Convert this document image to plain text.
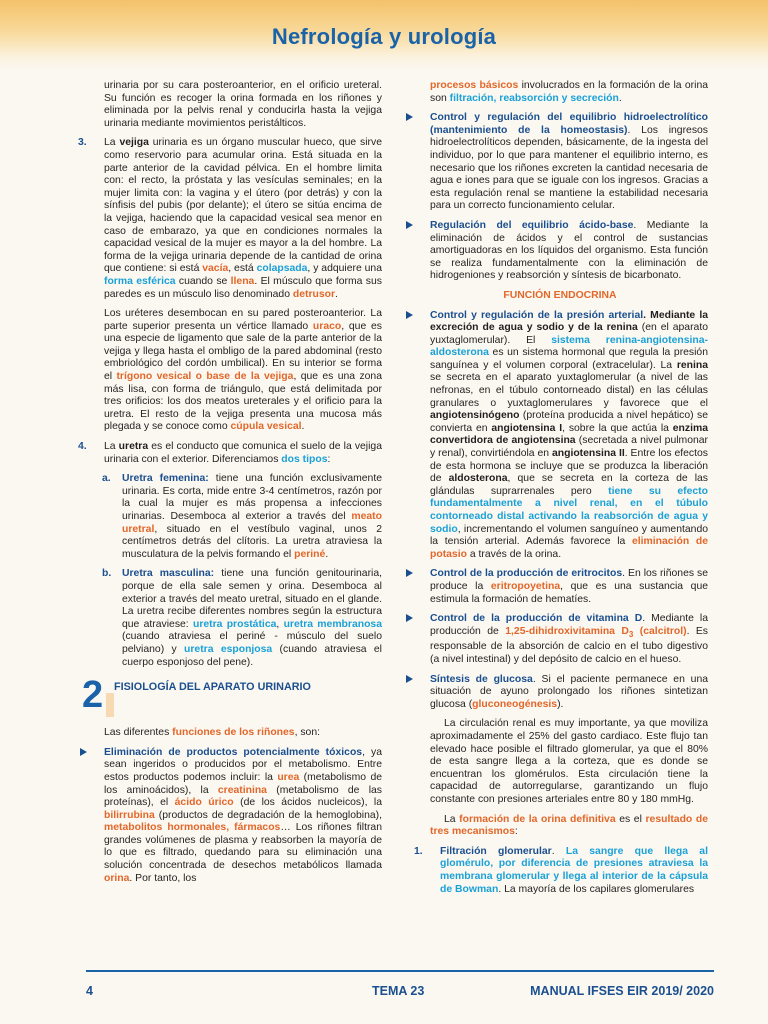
Nefrología y urología

urinaria por su cara posteroanterior, en el orificio ureteral. Su función es recoger la orina formada en los riñones y eliminada por la pelvis renal y conducirla hasta la vejiga urinaria mediante movimientos peristálticos.

3. La vejiga urinaria es un órgano muscular hueco, que sirve como reservorio para acumular orina. Está situada en la parte anterior de la cavidad pélvica. En el hombre limita con: el recto, la próstata y las vesículas seminales; en la mujer limita con: la vagina y el útero (por detrás) y con la sínfisis del pubis (por delante); el útero se sitúa encima de la vejiga, haciendo que la capacidad vesical sea menor en caso de embarazo, ya que en condiciones normales la capacidad vesical de la mujer es mayor a la del hombre. La forma de la vejiga urinaria depende de la cantidad de orina que contiene: si está vacía, está colapsada, y adquiere una forma esférica cuando se llena. El músculo que forma sus paredes es un músculo liso denominado detrusor.

Los uréteres desembocan en su pared posteroanterior. La parte superior presenta un vértice llamado uraco, que es una especie de ligamento que sale de la parte anterior de la vejiga y llega hasta el ombligo de la pared abdominal (resto embriológico del cordón umbilical). En su interior se forma el trígono vesical o base de la vejiga, que es una zona más lisa, con forma de triángulo, que está delimitada por tres orificios: los dos meatos ureterales y el orificio para la uretra. El resto de la vejiga presenta una mucosa más plegada y se conoce como cúpula vesical.

4. La uretra es el conducto que comunica el suelo de la vejiga urinaria con el exterior. Diferenciamos dos tipos:
a. Uretra femenina: tiene una función exclusivamente urinaria. Es corta, mide entre 3-4 centímetros, razón por la cual la mujer es más propensa a infecciones urinarias. Desemboca al exterior a través del meato uretral, situado en el vestíbulo vaginal, unos 2 centímetros detrás del clítoris. La uretra atraviesa la musculatura de la pelvis formando el periné.
b. Uretra masculina: tiene una función genitourinaria, porque de ella sale semen y orina. Desemboca al exterior a través del meato uretral, situado en el glande. La uretra recibe diferentes nombres según la estructura que atraviese: uretra prostática, uretra membranosa (cuando atraviesa el periné - músculo del suelo pelviano) y uretra esponjosa (cuando atraviesa el cuerpo esponjoso del pene).
2 FISIOLOGÍA DEL APARATO URINARIO

Las diferentes funciones de los riñones, son:

Eliminación de productos potencialmente tóxicos, ya sean ingeridos o producidos por el metabolismo. Entre estos productos podemos incluir: la urea (metabolismo de los aminoácidos), la creatinina (metabolismo de las proteínas), el ácido úrico (de los ácidos nucleicos), la bilirrubina (productos de degradación de la hemoglobina), metabolitos hormonales, fármacos… Los riñones filtran grandes volúmenes de plasma y reabsorben la mayoría de lo que es filtrado, quedando para su eliminación una solución concentrada de desechos metabólicos llamada orina. Por tanto, los

procesos básicos involucrados en la formación de la orina son filtración, reabsorción y secreción.

Control y regulación del equilibrio hidroelectrolítico (mantenimiento de la homeostasis). Los ingresos hidroelectrolíticos dependen, básicamente, de la ingesta del individuo, por lo que para mantener el equilibrio interno, es necesario que los riñones excreten la cantidad necesaria de agua e iones para que se iguale con los ingresos. Gracias a esta regulación renal se mantiene la estabilidad necesaria para un correcto funcionamiento celular.
Regulación del equilibrio ácido-base. Mediante la eliminación de ácidos y el control de sustancias amortiguadoras en los líquidos del organismo. Esta función se realiza fundamentalmente con la eliminación de hidrogeniones y reabsorción y síntesis de bicarbonato.
FUNCIÓN ENDOCRINA
Control y regulación de la presión arterial. Mediante la excreción de agua y sodio y de la renina (en el aparato yuxtaglomerular). El sistema renina-angiotensina-aldosterona es un sistema hormonal que regula la presión sanguínea y el volumen corporal (extracelular). La renina se secreta en el aparato yuxtaglomerular (a nivel de las nefronas, en el túbulo contorneado distal) en las células granulares o yuxtaglomerulares y favorece que el angiotensinógeno (proteína producida a nivel hepático) se convierta en angiotensina I, sobre la que actúa la enzima convertidora de angiotensina (secretada a nivel pulmonar y renal), convirtiéndola en angiotensina II. Entre los efectos de esta hormona se incluye que se produzca la liberación de aldosterona, que se secreta en la corteza de las glándulas suprarrenales pero tiene su efecto fundamentalmente a nivel renal, en el túbulo contorneado distal activando la reabsorción de agua y sodio, incrementando el volumen sanguíneo y aumentando la tensión arterial. Además favorece la eliminación de potasio a través de la orina.
Control de la producción de eritrocitos. En los riñones se produce la eritropoyetina, que es una sustancia que estimula la formación de hematíes.
Control de la producción de vitamina D. Mediante la producción de 1,25-dihidroxivitamina $D_3$ (calcitrol). Es responsable de la absorción de calcio en el tubo digestivo (a nivel intestinal) y del depósito de calcio en el hueso.
Síntesis de glucosa. Si el paciente permanece en una situación de ayuno prolongado los riñones sintetizan glucosa (gluconeogénesis).

La circulación renal es muy importante, ya que moviliza aproximadamente el 25% del gasto cardiaco. Este flujo tan elevado hace posible el filtrado glomerular, ya que el 80% de esta sangre llega a la corteza, que es donde se encuentran los glomérulos. Esta circulación tiene la capacidad de autorregularse, garantizando un flujo constante con presiones arteriales entre 80 y 180 mmHg.

La formación de la orina definitiva es el resultado de tres mecanismos:

1. Filtración glomerular. La sangre que llega al glomérulo, por diferencia de presiones atraviesa la membrana glomerular y llega al interior de la cápsula de Bowman. La mayoría de los capilares glomerulares
4	TEMA 23	MANUAL IFSES EIR 2019/ 2020
